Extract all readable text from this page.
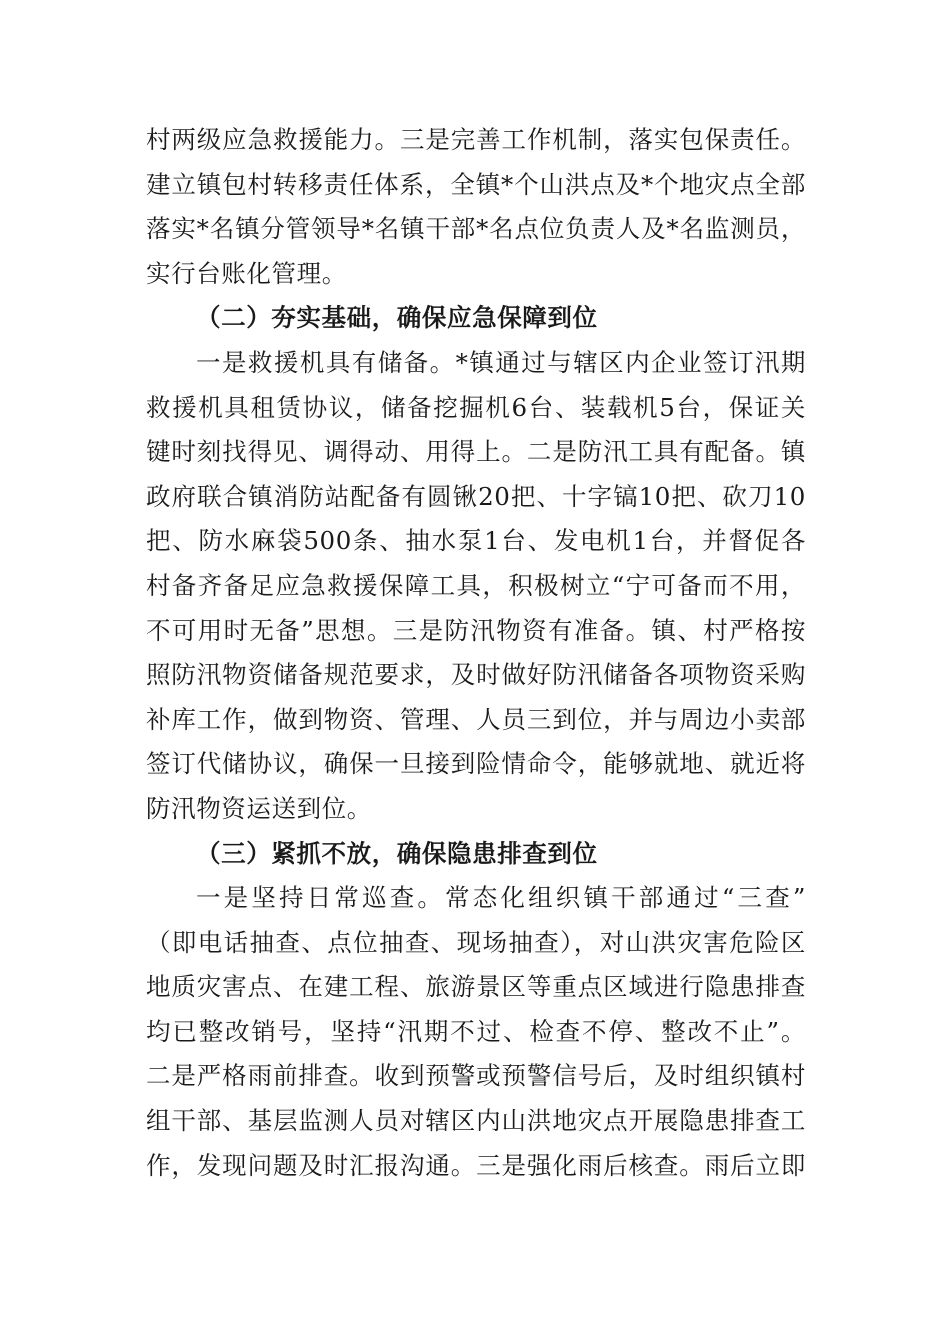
村两级应急救援能力。三是完善工作机制，落实包保责任。
建立镇包村转移责任体系，全镇*个山洪点及*个地灾点全部
落实*名镇分管领导*名镇干部*名点位负责人及*名监测员，
实行台账化管理。
（二）夯实基础，确保应急保障到位
一是救援机具有储备。*镇通过与辖区内企业签订汛期
救援机具租赁协议，储备挖掘机6台、装载机5台，保证关
键时刻找得见、调得动、用得上。二是防汛工具有配备。镇
政府联合镇消防站配备有圆锹20把、十字镐10把、砍刀10
把、防水麻袋500条、抽水泵1台、发电机1台，并督促各
村备齐备足应急救援保障工具，积极树立“宁可备而不用，
不可用时无备”思想。三是防汛物资有准备。镇、村严格按
照防汛物资储备规范要求，及时做好防汛储备各项物资采购
补库工作，做到物资、管理、人员三到位，并与周边小卖部
签订代储协议，确保一旦接到险情命令，能够就地、就近将
防汛物资运送到位。
（三）紧抓不放，确保隐患排查到位
一是坚持日常巡查。常态化组织镇干部通过“三查”
（即电话抽查、点位抽查、现场抽查），对山洪灾害危险区
地质灾害点、在建工程、旅游景区等重点区域进行隐患排查
均已整改销号，坚持“汛期不过、检查不停、整改不止”。
二是严格雨前排查。收到预警或预警信号后，及时组织镇村
组干部、基层监测人员对辖区内山洪地灾点开展隐患排查工
作，发现问题及时汇报沟通。三是强化雨后核查。雨后立即
